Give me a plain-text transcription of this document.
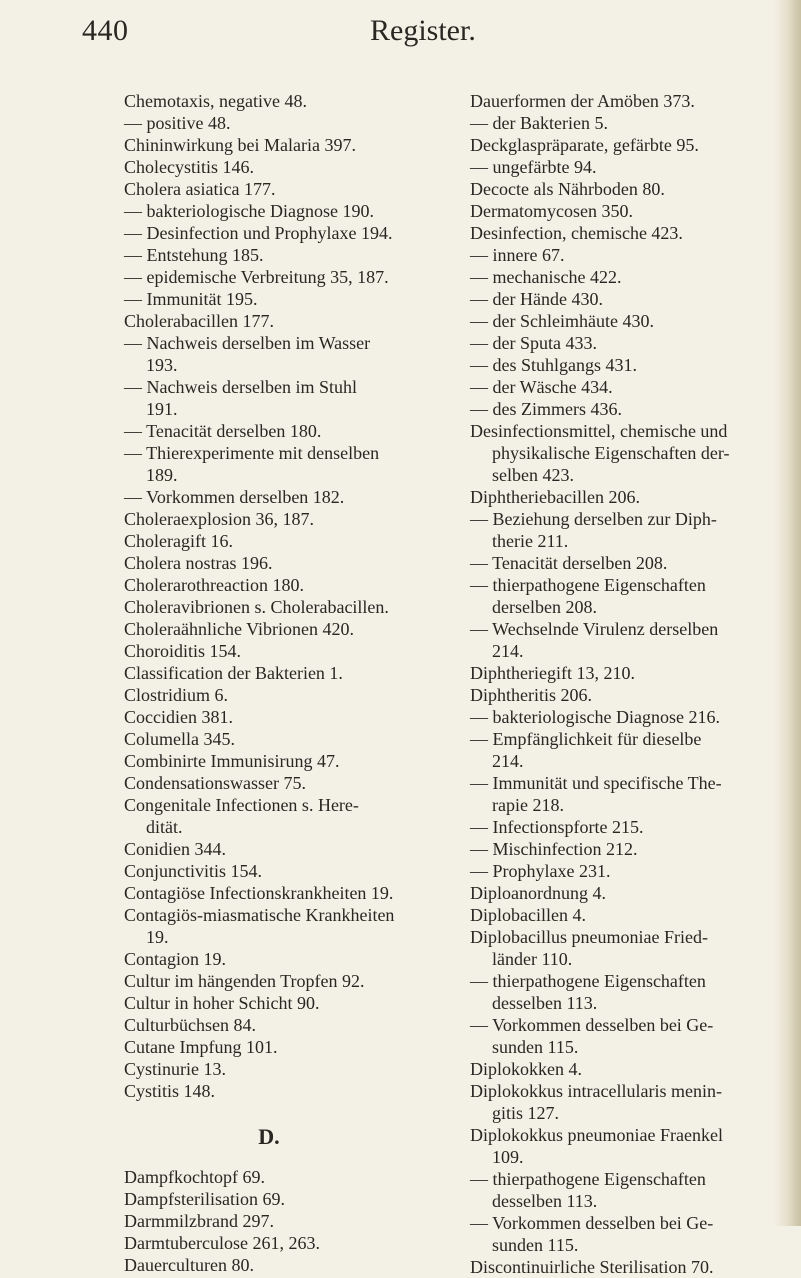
440	Register.
Chemotaxis, negative 48.
— positive 48.
Chininwirkung bei Malaria 397.
Cholecystitis 146.
Cholera asiatica 177.
— bakteriologische Diagnose 190.
— Desinfection und Prophylaxe 194.
— Entstehung 185.
— epidemische Verbreitung 35, 187.
— Immunität 195.
Cholerabacillen 177.
— Nachweis derselben im Wasser
193.
— Nachweis derselben im Stuhl
191.
— Tenacität derselben 180.
— Thierexperimente mit denselben
189.
— Vorkommen derselben 182.
Choleraexplosion 36, 187.
Choleragift 16.
Cholera nostras 196.
Cholerarothreaction 180.
Choleravibrionen s. Cholerabacillen.
Choleraähnliche Vibrionen 420.
Choroiditis 154.
Classification der Bakterien 1.
Clostridium 6.
Coccidien 381.
Columella 345.
Combinirte Immunisirung 47.
Condensationswasser 75.
Congenitale Infectionen s. Here-
dität.
Conidien 344.
Conjunctivitis 154.
Contagiöse Infectionskrankheiten 19.
Contagiös-miasmatische Krankheiten
19.
Contagion 19.
Cultur im hängenden Tropfen 92.
Cultur in hoher Schicht 90.
Culturbüchsen 84.
Cutane Impfung 101.
Cystinurie 13.
Cystitis 148.
D.
Dampfkochtopf 69.
Dampfsterilisation 69.
Darmmilzbrand 297.
Darmtuberculose 261, 263.
Dauerculturen 80.
Dauerformen der Amöben 373.
— der Bakterien 5.
Deckglaspräparate, gefärbte 95.
— ungefärbte 94.
Decocte als Nährboden 80.
Dermatomycosen 350.
Desinfection, chemische 423.
— innere 67.
— mechanische 422.
— der Hände 430.
— der Schleimhäute 430.
— der Sputa 433.
— des Stuhlgangs 431.
— der Wäsche 434.
— des Zimmers 436.
Desinfectionsmittel, chemische und
physikalische Eigenschaften der-
selben 423.
Diphtheriebacillen 206.
— Beziehung derselben zur Diph-
therie 211.
— Tenacität derselben 208.
— thierpathogene Eigenschaften
derselben 208.
— Wechselnde Virulenz derselben
214.
Diphtheriegift 13, 210.
Diphtheritis 206.
— bakteriologische Diagnose 216.
— Empfänglichkeit für dieselbe
214.
— Immunität und specifische The-
rapie 218.
— Infectionspforte 215.
— Mischinfection 212.
— Prophylaxe 231.
Diploanordnung 4.
Diplobacillen 4.
Diplobacillus pneumoniae Fried-
länder 110.
— thierpathogene Eigenschaften
desselben 113.
— Vorkommen desselben bei Ge-
sunden 115.
Diplokokken 4.
Diplokokkus intracellularis menin-
gitis 127.
Diplokokkus pneumoniae Fraenkel
109.
— thierpathogene Eigenschaften
desselben 113.
— Vorkommen desselben bei Ge-
sunden 115.
Discontinuirliche Sterilisation 70.
